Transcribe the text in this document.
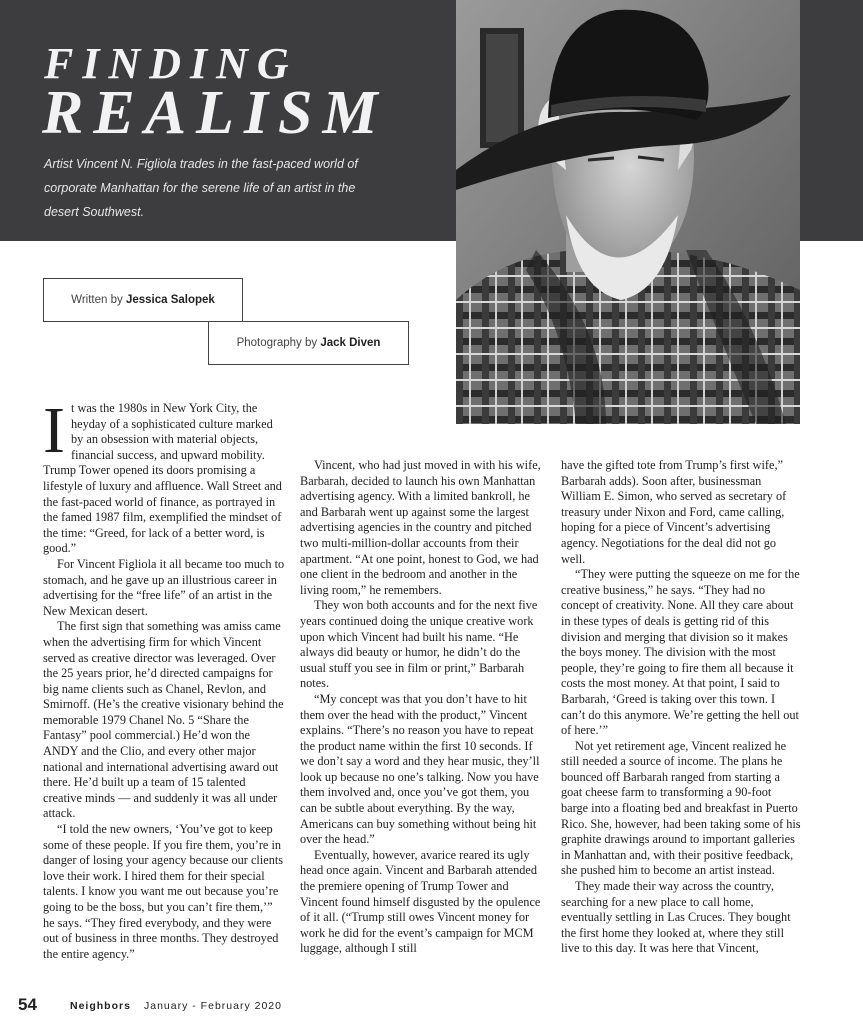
FINDING
REALISM
Artist Vincent N. Figliola trades in the fast-paced world of corporate Manhattan for the serene life of an artist in the desert Southwest.
Written by
Jessica Salopek
Photography by
Jack Diven

It was the 1980s in New York City, the heyday of a sophisticated culture marked by an obsession with material objects, financial success, and upward mobility. Trump Tower opened its doors promising a lifestyle of luxury and affluence. Wall Street and the fast-paced world of finance, as portrayed in the famed 1987 film, exemplified the mindset of the time: “Greed, for lack of a better word, is good.”

For Vincent Figliola it all became too much to stomach, and he gave up an illustrious career in advertising for the “free life” of an artist in the New Mexican desert.

The first sign that something was amiss came when the advertising firm for which Vincent served as creative director was leveraged. Over the 25 years prior, he’d directed campaigns for big name clients such as Chanel, Revlon, and Smirnoff. (He’s the creative visionary behind the memorable 1979 Chanel No. 5 “Share the Fantasy” pool commercial.) He’d won the ANDY and the Clio, and every other major national and international advertising award out there. He’d built up a team of 15 talented creative minds — and suddenly it was all under attack.

“I told the new owners, ‘You’ve got to keep some of these people. If you fire them, you’re in danger of losing your agency because our clients love their work. I hired them for their special talents. I know you want me out because you’re going to be the boss, but you can’t fire them,’” he says. “They fired everybody, and they were out of business in three months. They destroyed the entire agency.”

Vincent, who had just moved in with his wife, Barbarah, decided to launch his own Manhattan advertising agency. With a limited bankroll, he and Barbarah went up against some the largest advertising agencies in the country and pitched two multi-million-dollar accounts from their apartment. “At one point, honest to God, we had one client in the bedroom and another in the living room,” he remembers.

They won both accounts and for the next five years continued doing the unique creative work upon which Vincent had built his name. “He always did beauty or humor, he didn’t do the usual stuff you see in film or print,” Barbarah notes.

“My concept was that you don’t have to hit them over the head with the product,” Vincent explains. “There’s no reason you have to repeat the product name within the first 10 seconds. If we don’t say a word and they hear music, they’ll look up because no one’s talking. Now you have them involved and, once you’ve got them, you can be subtle about everything. By the way, Americans can buy something without being hit over the head.”

Eventually, however, avarice reared its ugly head once again. Vincent and Barbarah attended the premiere opening of Trump Tower and Vincent found himself disgusted by the opulence of it all. (“Trump still owes Vincent money for work he did for the event’s campaign for MCM luggage, although I still

have the gifted tote from Trump’s first wife,” Barbarah adds). Soon after, businessman William E. Simon, who served as secretary of treasury under Nixon and Ford, came calling, hoping for a piece of Vincent’s advertising agency. Negotiations for the deal did not go well.

“They were putting the squeeze on me for the creative business,” he says. “They had no concept of creativity. None. All they care about in these types of deals is getting rid of this division and merging that division so it makes the boys money. The division with the most people, they’re going to fire them all because it costs the most money. At that point, I said to Barbarah, ‘Greed is taking over this town. I can’t do this anymore. We’re getting the hell out of here.’”

Not yet retirement age, Vincent realized he still needed a source of income. The plans he bounced off Barbarah ranged from starting a goat cheese farm to transforming a 90-foot barge into a floating bed and breakfast in Puerto Rico. She, however, had been taking some of his graphite drawings around to important galleries in Manhattan and, with their positive feedback, she pushed him to become an artist instead.

They made their way across the country, searching for a new place to call home, eventually settling in Las Cruces. They bought the first home they looked at, where they still live to this day. It was here that Vincent,

54	Neighbors January - February 2020
